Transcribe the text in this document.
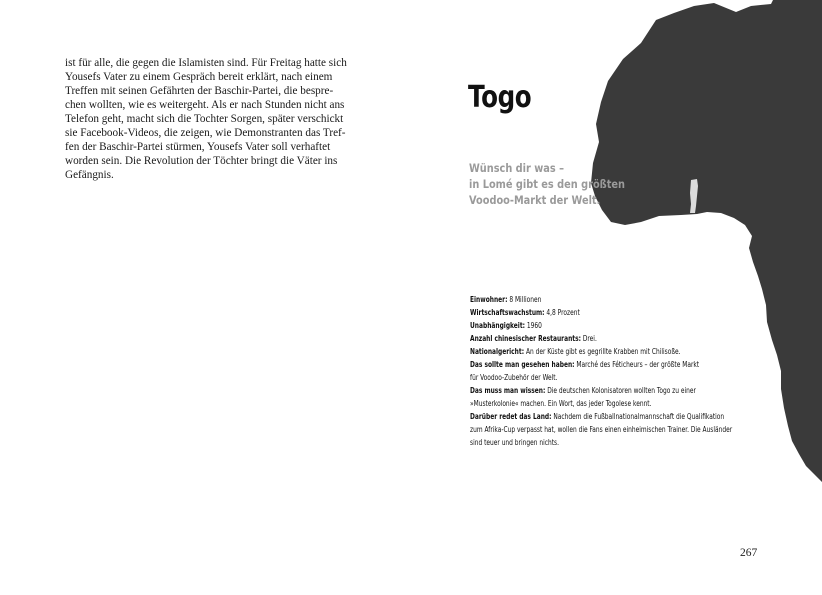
ist für alle, die gegen die Islamisten sind. Für Freitag hatte sich
Yousefs Vater zu einem Gespräch bereit erklärt, nach einem
Treffen mit seinen Gefährten der Baschir-Partei, die bespre-
chen wollten, wie es weitergeht. Als er nach Stunden nicht ans
Telefon geht, macht sich die Tochter Sorgen, später verschickt
sie Facebook-Videos, die zeigen, wie Demonstranten das Tref-
fen der Baschir-Partei stürmen, Yousefs Vater soll verhaftet
worden sein. Die Revolution der Töchter bringt die Väter ins
Gefängnis.
Togo
Wünsch dir was –
in Lomé gibt es den größten
Voodoo-Markt der Welt.
Einwohner: 8 Millionen
Wirtschaftswachstum: 4,8 Prozent
Unabhängigkeit: 1960
Anzahl chinesischer Restaurants: Drei.
Nationalgericht: An der Küste gibt es gegrillte Krabben mit Chilisoße.
Das sollte man gesehen haben: Marché des Féticheurs – der größte Markt
für Voodoo-Zubehör der Welt.
Das muss man wissen: Die deutschen Kolonisatoren wollten Togo zu einer
»Musterkolonie« machen. Ein Wort, das jeder Togolese kennt.
Darüber redet das Land: Nachdem die Fußballnationalmannschaft die Qualifikation
zum Afrika-Cup verpasst hat, wollen die Fans einen einheimischen Trainer. Die Ausländer
sind teuer und bringen nichts.
267
